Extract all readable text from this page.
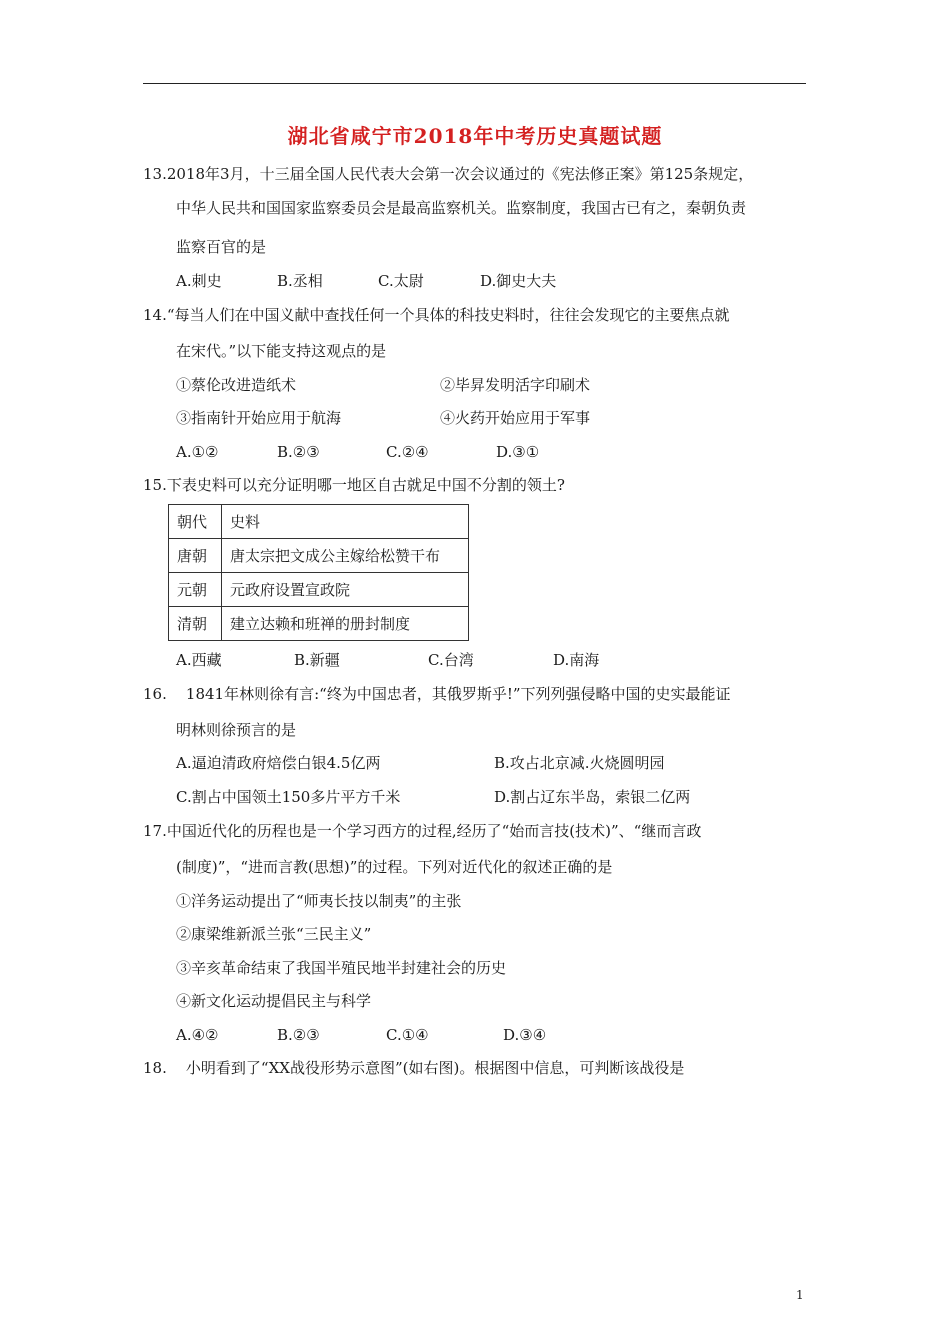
湖北省咸宁市2018年中考历史真题试题
13.2018年3月，十三届全国人民代表大会第一次会议通过的《宪法修正案》第125条规定，
中华人民共和国国家监察委员会是最高监察机关。监察制度，我国古已有之，秦朝负责
监察百官的是
A.刺史	B.丞相	C.太尉	D.御史大夫
14.“每当人们在中国义献中查找任何一个具体的科技史料时，往往会发现它的主要焦点就
在宋代。”以下能支持这观点的是
①蔡伦改进造纸术	②毕昇发明活字印刷术
③指南针开始应用于航海	④火药开始应用于军事
A.①②	B.②③	C.②④	D.③①
15.下表史料可以充分证明哪一地区自古就足中国不分割的领土?
朝代	史料
唐朝	唐太宗把文成公主嫁给松赞干布
元朝	元政府设置宣政院
清朝	建立达赖和班禅的册封制度
A.西藏	B.新疆	C.台湾	D.南海
16.    1841年林则徐有言:“终为中国忠者，其俄罗斯乎!”下列列强侵略中国的史实最能证
明林则徐预言的是
A.逼迫清政府焙偿白银4.5亿两	B.攻占北京减.火烧圆明园
C.割占中国领土150多片平方千米	D.割占辽东半岛，索银二亿两
17.中国近代化的历程也是一个学习西方的过程,经历了“始而言技(技术)”、“继而言政
(制度)”，“进而言教(思想)”的过程。下列对近代化的叙述正确的是
①洋务运动提出了“师夷长技以制夷”的主张
②康梁维新派兰张“三民主义”
③辛亥革命结束了我国半殖民地半封建社会的历史
④新文化运动提倡民主与科学
A.④②	B.②③	C.①④	D.③④
18.    小明看到了“XX战役形势示意图”(如右图)。根据图中信息，可判断该战役是
1
